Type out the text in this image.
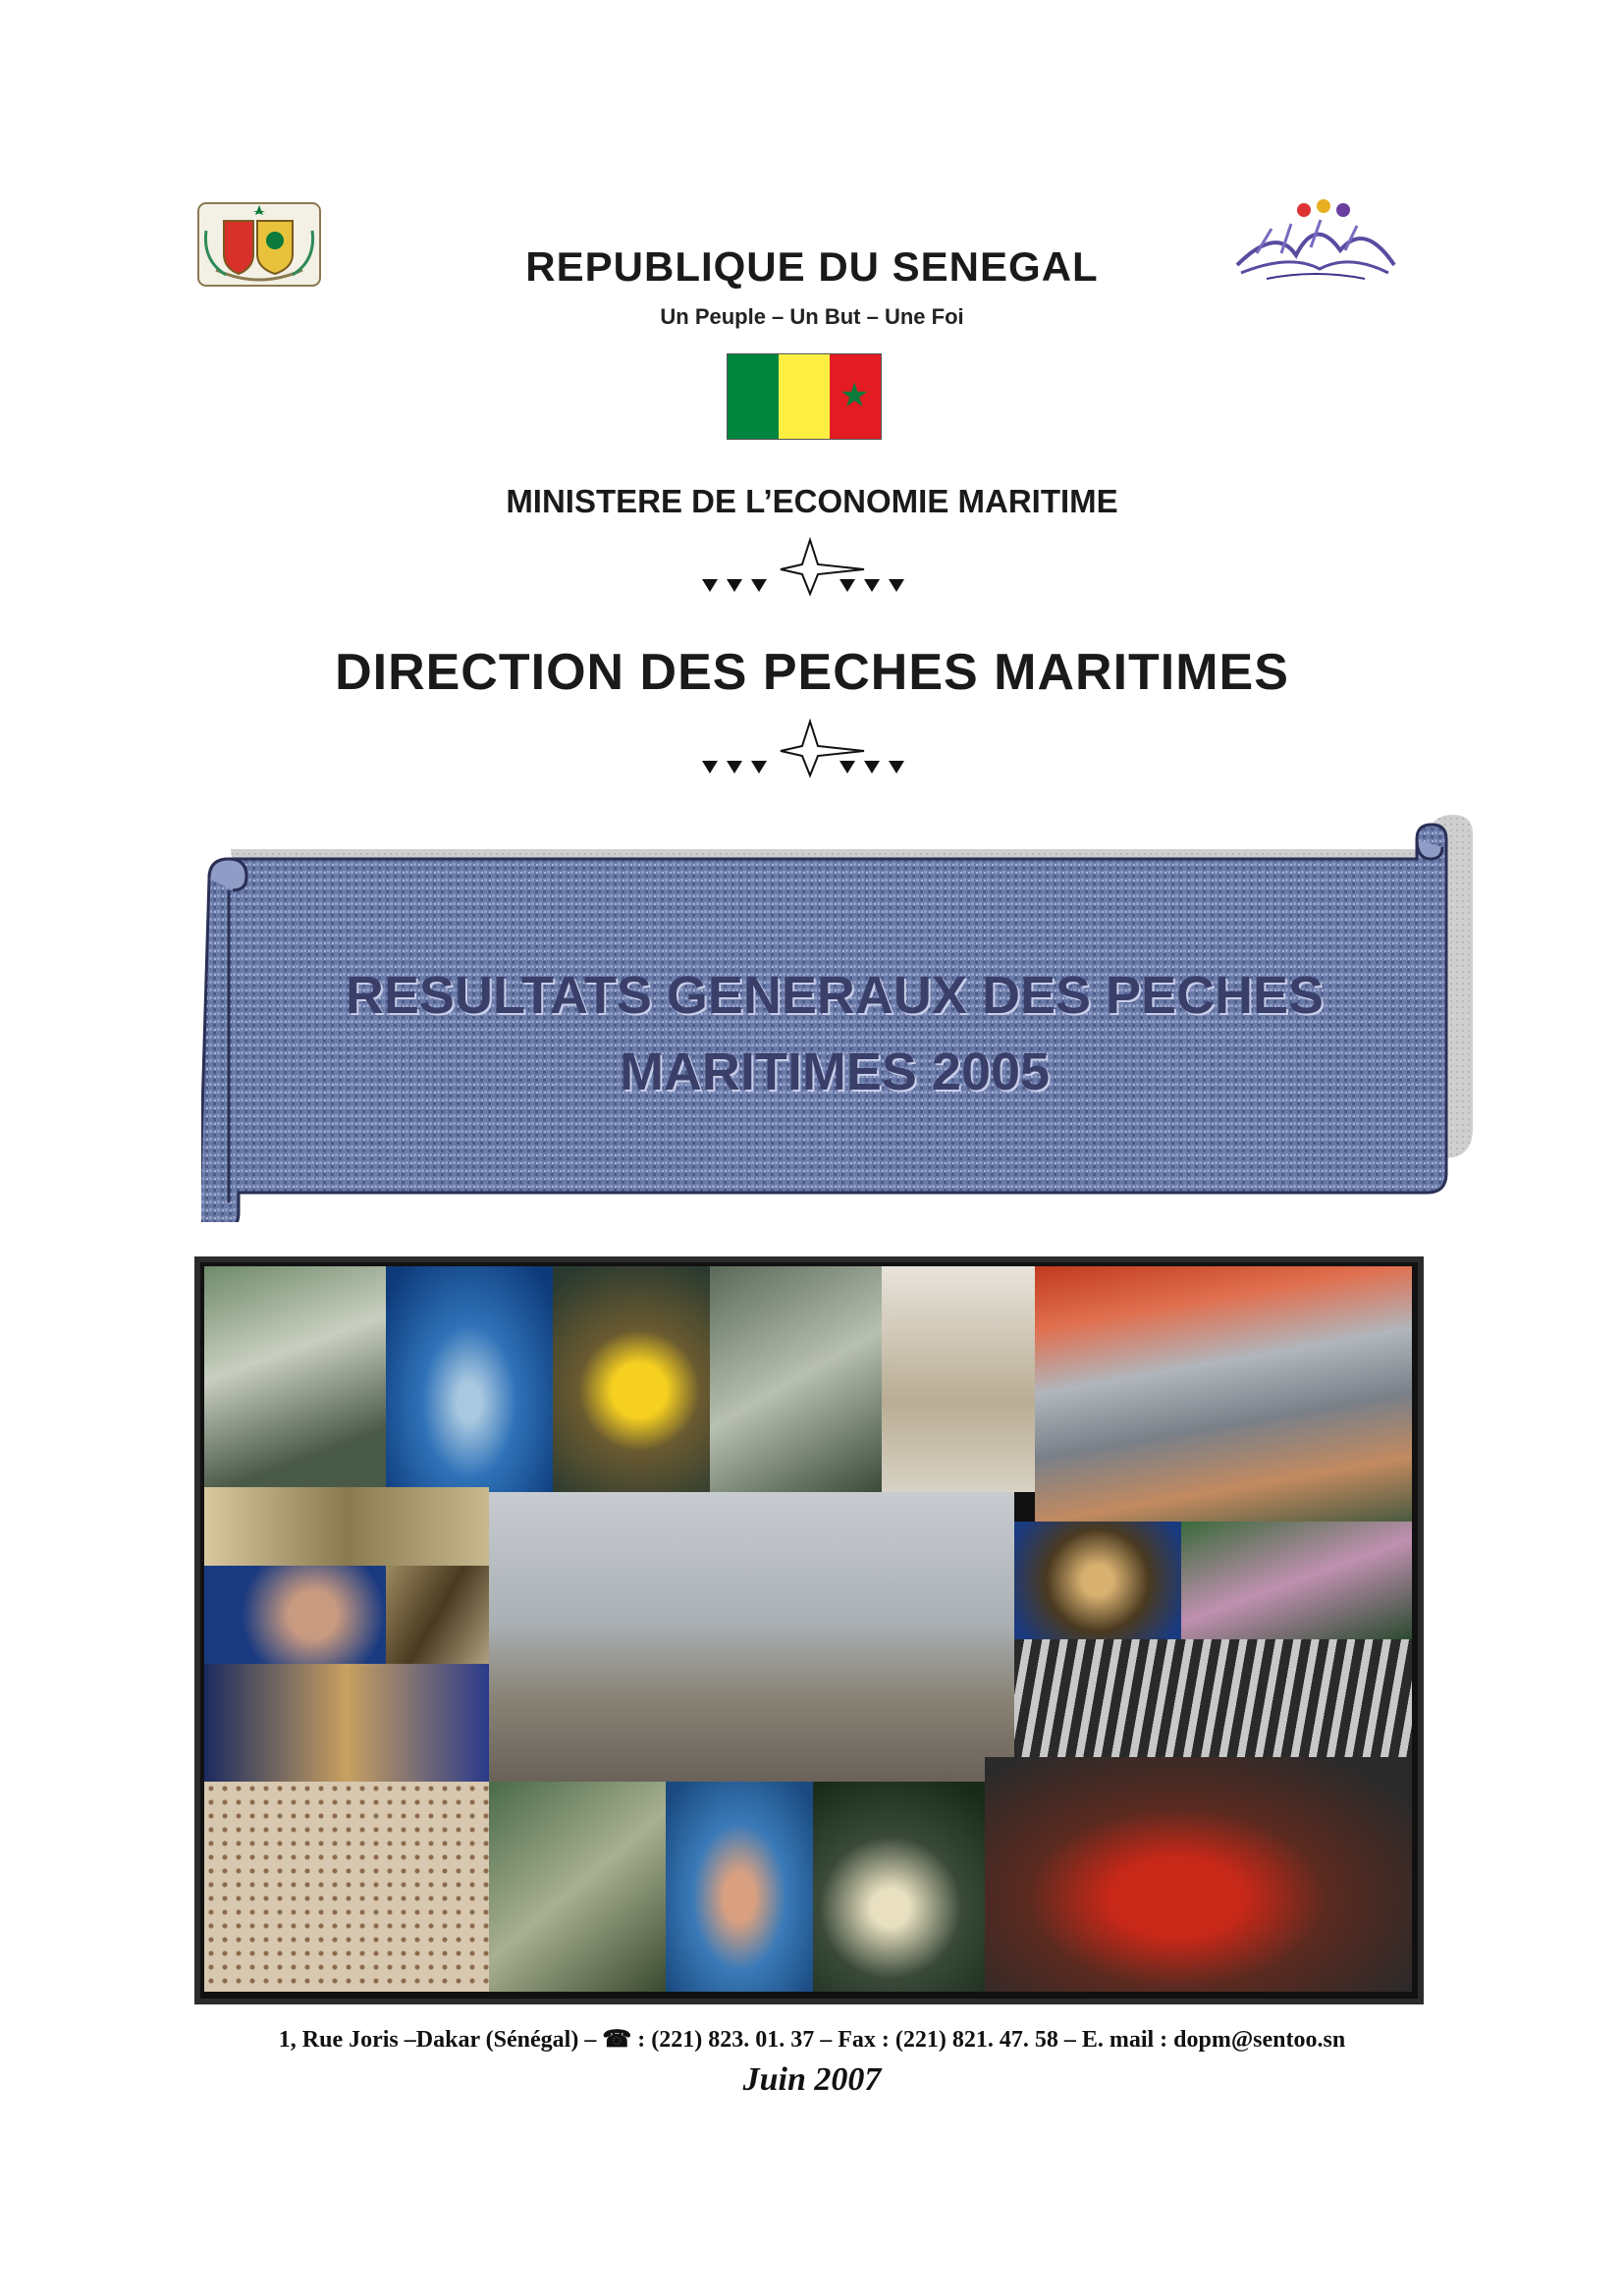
REPUBLIQUE DU SENEGAL
Un Peuple – Un But – Une Foi
★
MINISTERE DE L’ECONOMIE MARITIME
DIRECTION DES PECHES MARITIMES
RESULTATS GENERAUX DES PECHES
MARITIMES 2005
1, Rue Joris –Dakar (Sénégal) – ☎ : (221) 823. 01. 37 – Fax : (221) 821. 47. 58 – E. mail : dopm@sentoo.sn
Juin 2007
